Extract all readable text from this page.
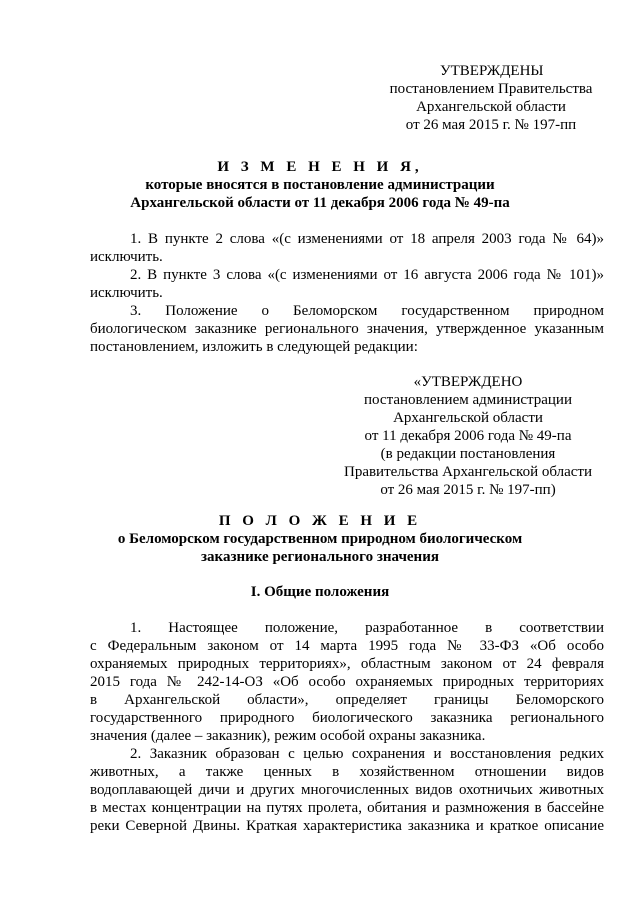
УТВЕРЖДЕНЫ
постановлением Правительства
Архангельской области
от 26 мая 2015 г. № 197-пп
И З М Е Н Е Н И Я,
которые вносятся в постановление администрации
Архангельской области от 11 декабря 2006 года № 49-па
1. В пункте 2 слова «(с изменениями от 18 апреля 2003 года № 64)»
исключить.
2. В пункте 3 слова «(с изменениями от 16 августа 2006 года № 101)»
исключить.
3. Положение о Беломорском государственном природном
биологическом заказнике регионального значения, утвержденное указанным
постановлением, изложить в следующей редакции:
«УТВЕРЖДЕНО
постановлением администрации
Архангельской области
от 11 декабря 2006 года № 49-па
(в редакции постановления
Правительства Архангельской области
от 26 мая 2015 г. № 197-пп)
П О Л О Ж Е Н И Е
о Беломорском государственном природном биологическом
заказнике регионального значения
I. Общие положения
1. Настоящее положение, разработанное в соответствии
с Федеральным законом от 14 марта 1995 года № 33-ФЗ «Об особо
охраняемых природных территориях», областным законом от 24 февраля
2015 года № 242-14-ОЗ «Об особо охраняемых природных территориях
в Архангельской области», определяет границы Беломорского
государственного природного биологического заказника регионального
значения (далее – заказник), режим особой охраны заказника.
2. Заказник образован с целью сохранения и восстановления редких
животных, а также ценных в хозяйственном отношении видов
водоплавающей дичи и других многочисленных видов охотничьих животных
в местах концентрации на путях пролета, обитания и размножения в бассейне
реки Северной Двины. Краткая характеристика заказника и краткое описание
